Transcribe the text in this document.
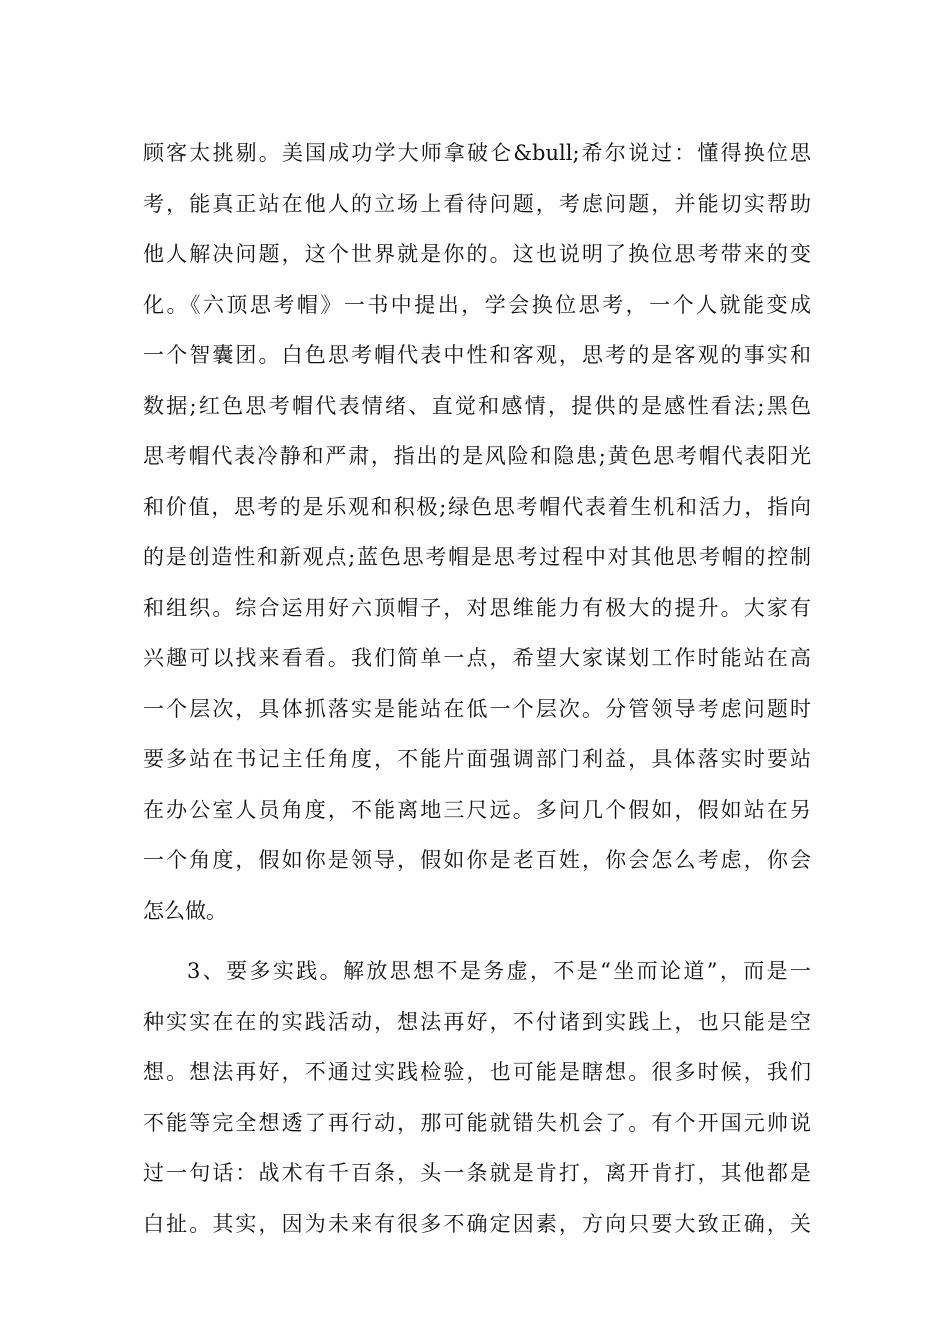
顾客太挑剔。美国成功学大师拿破仑&bull;希尔说过：懂得换位思
考，能真正站在他人的立场上看待问题，考虑问题，并能切实帮助
他人解决问题，这个世界就是你的。这也说明了换位思考带来的变
化。《六顶思考帽》一书中提出，学会换位思考，一个人就能变成
一个智囊团。白色思考帽代表中性和客观，思考的是客观的事实和
数据;红色思考帽代表情绪、直觉和感情，提供的是感性看法;黑色
思考帽代表冷静和严肃，指出的是风险和隐患;黄色思考帽代表阳光
和价值，思考的是乐观和积极;绿色思考帽代表着生机和活力，指向
的是创造性和新观点;蓝色思考帽是思考过程中对其他思考帽的控制
和组织。综合运用好六顶帽子，对思维能力有极大的提升。大家有
兴趣可以找来看看。我们简单一点，希望大家谋划工作时能站在高
一个层次，具体抓落实是能站在低一个层次。分管领导考虑问题时
要多站在书记主任角度，不能片面强调部门利益，具体落实时要站
在办公室人员角度，不能离地三尺远。多问几个假如，假如站在另
一个角度，假如你是领导，假如你是老百姓，你会怎么考虑，你会
怎么做。
3、要多实践。解放思想不是务虚，不是“坐而论道”，而是一
种实实在在的实践活动，想法再好，不付诸到实践上，也只能是空
想。想法再好，不通过实践检验，也可能是瞎想。很多时候，我们
不能等完全想透了再行动，那可能就错失机会了。有个开国元帅说
过一句话：战术有千百条，头一条就是肯打，离开肯打，其他都是
白扯。其实，因为未来有很多不确定因素，方向只要大致正确，关
